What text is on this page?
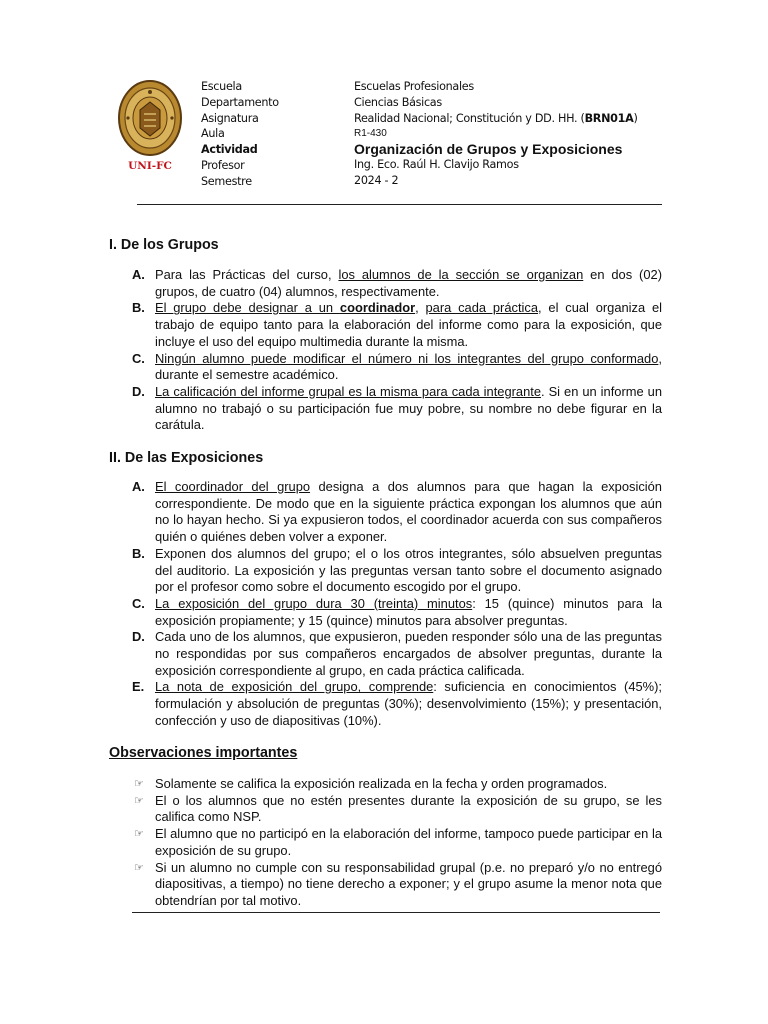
UNI-FC
Escuela
Departamento
Asignatura
Aula
Actividad
Profesor
Semestre
Escuelas Profesionales
Ciencias Básicas
Realidad Nacional; Constitución y DD. HH. (BRN01A)
R1-430
Organización de Grupos y Exposiciones
Ing. Eco. Raúl H. Clavijo Ramos
2024 - 2
I. De los Grupos
A. Para las Prácticas del curso, los alumnos de la sección se organizan en dos (02) grupos, de cuatro (04) alumnos, respectivamente.
B. El grupo debe designar a un coordinador, para cada práctica, el cual organiza el trabajo de equipo tanto para la elaboración del informe como para la exposición, que incluye el uso del equipo multimedia durante la misma.
C. Ningún alumno puede modificar el número ni los integrantes del grupo conformado, durante el semestre académico.
D. La calificación del informe grupal es la misma para cada integrante. Si en un informe un alumno no trabajó o su participación fue muy pobre, su nombre no debe figurar en la carátula.
II. De las Exposiciones
A. El coordinador del grupo designa a dos alumnos para que hagan la exposición correspondiente. De modo que en la siguiente práctica expongan los alumnos que aún no lo hayan hecho. Si ya expusieron todos, el coordinador acuerda con sus compañeros quién o quiénes deben volver a exponer.
B. Exponen dos alumnos del grupo; el o los otros integrantes, sólo absuelven preguntas del auditorio. La exposición y las preguntas versan tanto sobre el documento asignado por el profesor como sobre el documento escogido por el grupo.
C. La exposición del grupo dura 30 (treinta) minutos: 15 (quince) minutos para la exposición propiamente; y 15 (quince) minutos para absolver preguntas.
D. Cada uno de los alumnos, que expusieron, pueden responder sólo una de las preguntas no respondidas por sus compañeros encargados de absolver preguntas, durante la exposición correspondiente al grupo, en cada práctica calificada.
E. La nota de exposición del grupo, comprende: suficiencia en conocimientos (45%); formulación y absolución de preguntas (30%); desenvolvimiento (15%); y presentación, confección y uso de diapositivas (10%).
Observaciones importantes
☞ Solamente se califica la exposición realizada en la fecha y orden programados.
☞ El o los alumnos que no estén presentes durante la exposición de su grupo, se les califica como NSP.
☞ El alumno que no participó en la elaboración del informe, tampoco puede participar en la exposición de su grupo.
☞ Si un alumno no cumple con su responsabilidad grupal (p.e. no preparó y/o no entregó diapositivas, a tiempo) no tiene derecho a exponer; y el grupo asume la menor nota que obtendrían por tal motivo.
